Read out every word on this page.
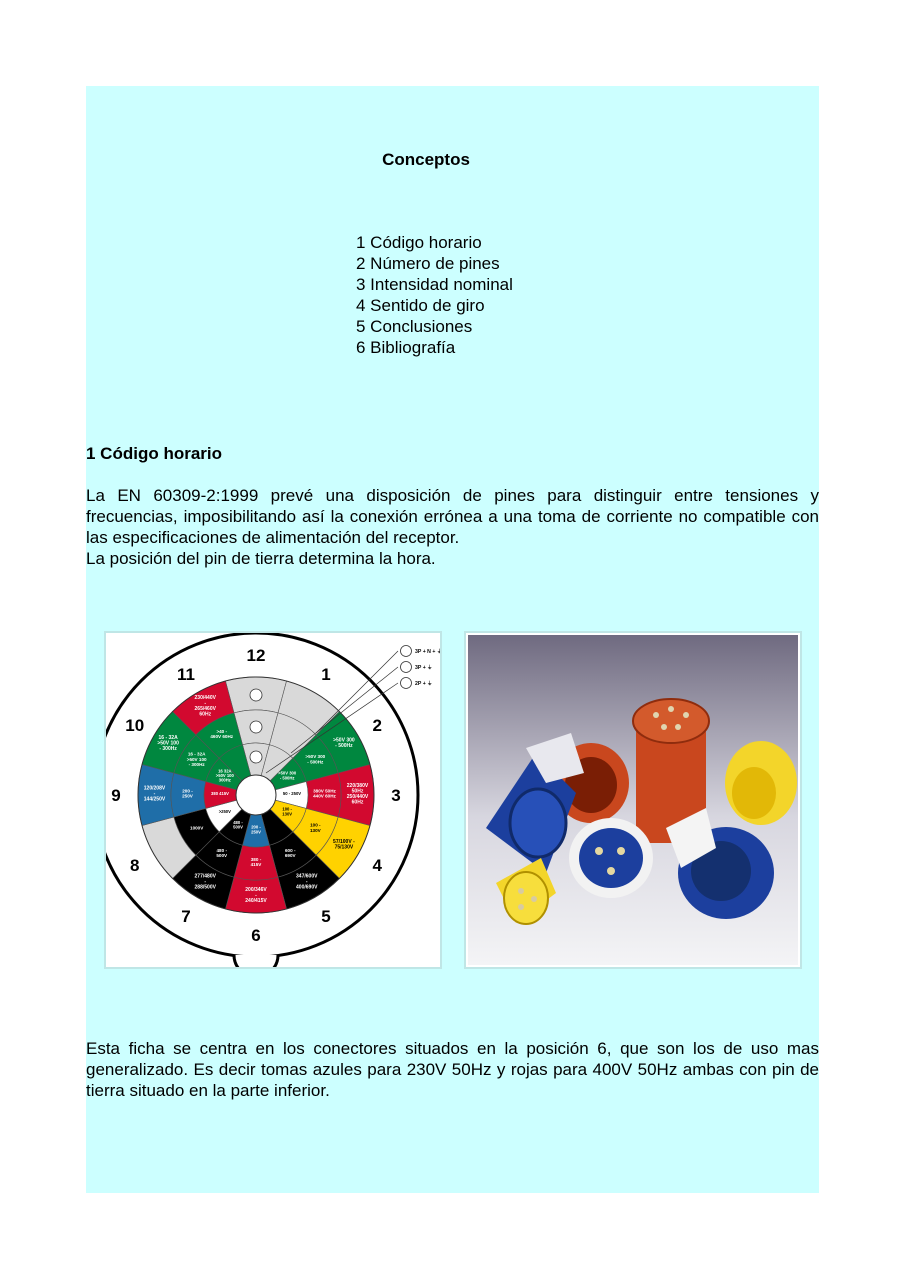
Conceptos
1 Código horario
2 Número de pines
3 Intensidad nominal
4 Sentido de giro
5 Conclusiones
6 Bibliografía
1 Código horario

La EN 60309-2:1999 prevé una disposición de pines para distinguir entre tensiones y frecuencias, imposibilitando así la conexión errónea a una toma de corriente no compatible con las especificaciones de alimentación del receptor.
La posición del pin de tierra determina la hora.

>50V 300 - 500Hz
220/380V 50Hz 250/440V 60Hz
57/100V -75/130V
347/600V -400/690V
200/346V -240/415V
277/480V -288/500V
120/208V -144/250V
16 - 32A >50V 100 - 300Hz
230/440V -265/460V 60Hz
>50V 300 - 500Hz
380V 50Hz 440V 60Hz
100 -130V
600 -690V
380 -415V
480 -500V
1000V
200 -250V
16 - 32A >50V 100 - 300Hz
>40 -460V 60Hz
>50V 300 - 500Hz
50 - 250V
100 -130V
200 -250V
480 -500V
>250V
380 415V
16 32A >50V 100 300Hz
12
1
2
3
4
5
6
7
8
9
10
11
3P + N + ⏚
3P + ⏚
2P + ⏚

Esta ficha se centra en los conectores situados en la posición 6, que son los de uso mas generalizado. Es decir tomas azules para 230V 50Hz y rojas para 400V 50Hz ambas con pin de tierra situado en la parte inferior.
